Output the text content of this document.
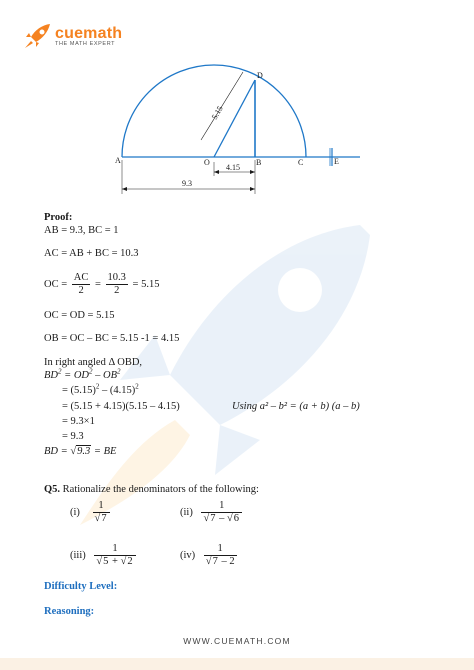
cuemath
THE MATH EXPERT
A	O	B	C
D
E
5.15
4.15
9.3
Proof:
AB = 9.3, BC = 1
AC = AB + BC = 10.3
OC = $\frac{AC}{2} = \frac{10.3}{2} = 5.15$
OC = OD = 5.15
OB = OC – BC = 5.15 -1 = 4.15
In right angled Δ OBD,
$BD^2 = OD^2 - OB^2$
= $(5.15)^2 - (4.15)^2$
= (5.15 + 4.15)(5.15 – 4.15)	Using a² – b² = (a + b) (a – b)
= 9.3×1
= 9.3
BD = √9.3 = BE
Q5. Rationalize the denominators of the following:
$(i) \frac{1}{√7}$	$(ii) \frac{1}{√7 - √6}$
$(iii) \frac{1}{√5 + √2}$	$(iv) \frac{1}{√7 - 2}$
Difficulty Level:
Reasoning:
WWW.CUEMATH.COM
